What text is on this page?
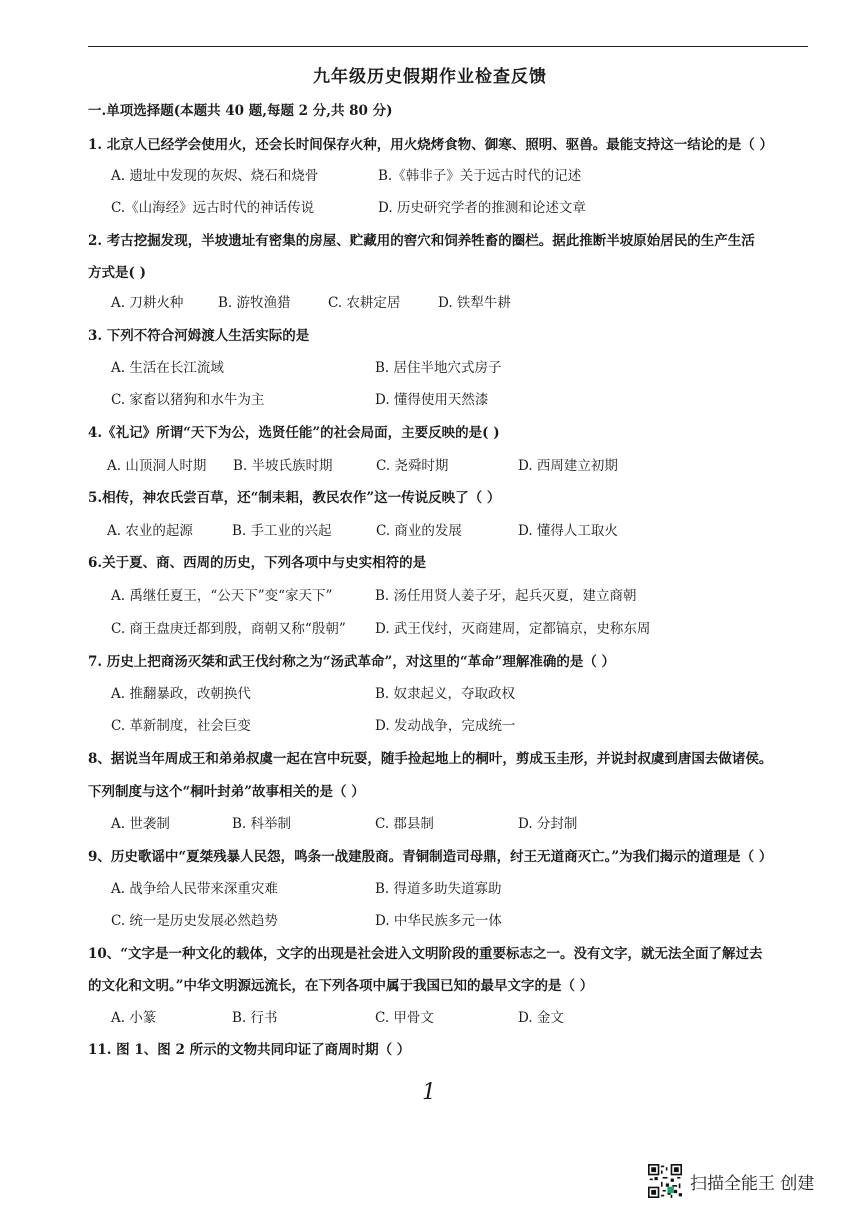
九年级历史假期作业检查反馈
一.单项选择题(本题共 40 题,每题 2 分,共 80 分)
1. 北京人已经学会使用火，还会长时间保存火种，用火烧烤食物、御寒、照明、驱兽。最能支持这一结论的是（ ）
A. 遗址中发现的灰烬、烧石和烧骨	B.《韩非子》关于远古时代的记述
C.《山海经》远古时代的神话传说	D. 历史研究学者的推测和论述文章
2. 考古挖掘发现，半坡遗址有密集的房屋、贮藏用的窖穴和饲养牲畜的圈栏。据此推断半坡原始居民的生产生活
方式是( )
A. 刀耕火种	B. 游牧渔猎	C. 农耕定居	D. 铁犁牛耕
3. 下列不符合河姆渡人生活实际的是
A. 生活在长江流域	B. 居住半地穴式房子
C. 家畜以猪狗和水牛为主	D. 懂得使用天然漆
4.《礼记》所谓“天下为公，选贤任能”的社会局面，主要反映的是( )
A. 山顶洞人时期 B. 半坡氏族时期	C. 尧舜时期	D. 西周建立初期
5.相传，神农氏尝百草，还“制耒耜，教民农作”这一传说反映了（ ）
A. 农业的起源	B. 手工业的兴起	C. 商业的发展	D. 懂得人工取火
6.关于夏、商、西周的历史，下列各项中与史实相符的是
A. 禹继任夏王，“公天下”变“家天下”	B. 汤任用贤人姜子牙，起兵灭夏，建立商朝
C. 商王盘庚迁都到殷，商朝又称“殷朝” D. 武王伐纣，灭商建周，定都镐京，史称东周
7. 历史上把商汤灭桀和武王伐纣称之为“汤武革命”，对这里的“革命”理解准确的是（ ）
A. 推翻暴政，改朝换代	B. 奴隶起义，夺取政权
C. 革新制度，社会巨变	D. 发动战争，完成统一
8、据说当年周成王和弟弟叔虞一起在宫中玩耍，随手捡起地上的桐叶，剪成玉圭形，并说封叔虞到唐国去做诸侯。
下列制度与这个“桐叶封弟”故事相关的是（ ）
A. 世袭制	B. 科举制	C. 郡县制	D. 分封制
9、历史歌谣中“夏桀残暴人民怨，鸣条一战建殷商。青铜制造司母鼎，纣王无道商灭亡。”为我们揭示的道理是（ ）
A. 战争给人民带来深重灾难	B. 得道多助失道寡助
C. 统一是历史发展必然趋势	D. 中华民族多元一体
10、“文字是一种文化的载体，文字的出现是社会进入文明阶段的重要标志之一。没有文字，就无法全面了解过去
的文化和文明。”中华文明源远流长，在下列各项中属于我国已知的最早文字的是（ ）
A. 小篆	B. 行书	C. 甲骨文	D. 金文
11. 图 1、图 2 所示的文物共同印证了商周时期（ ）
1
扫描全能王 创建
